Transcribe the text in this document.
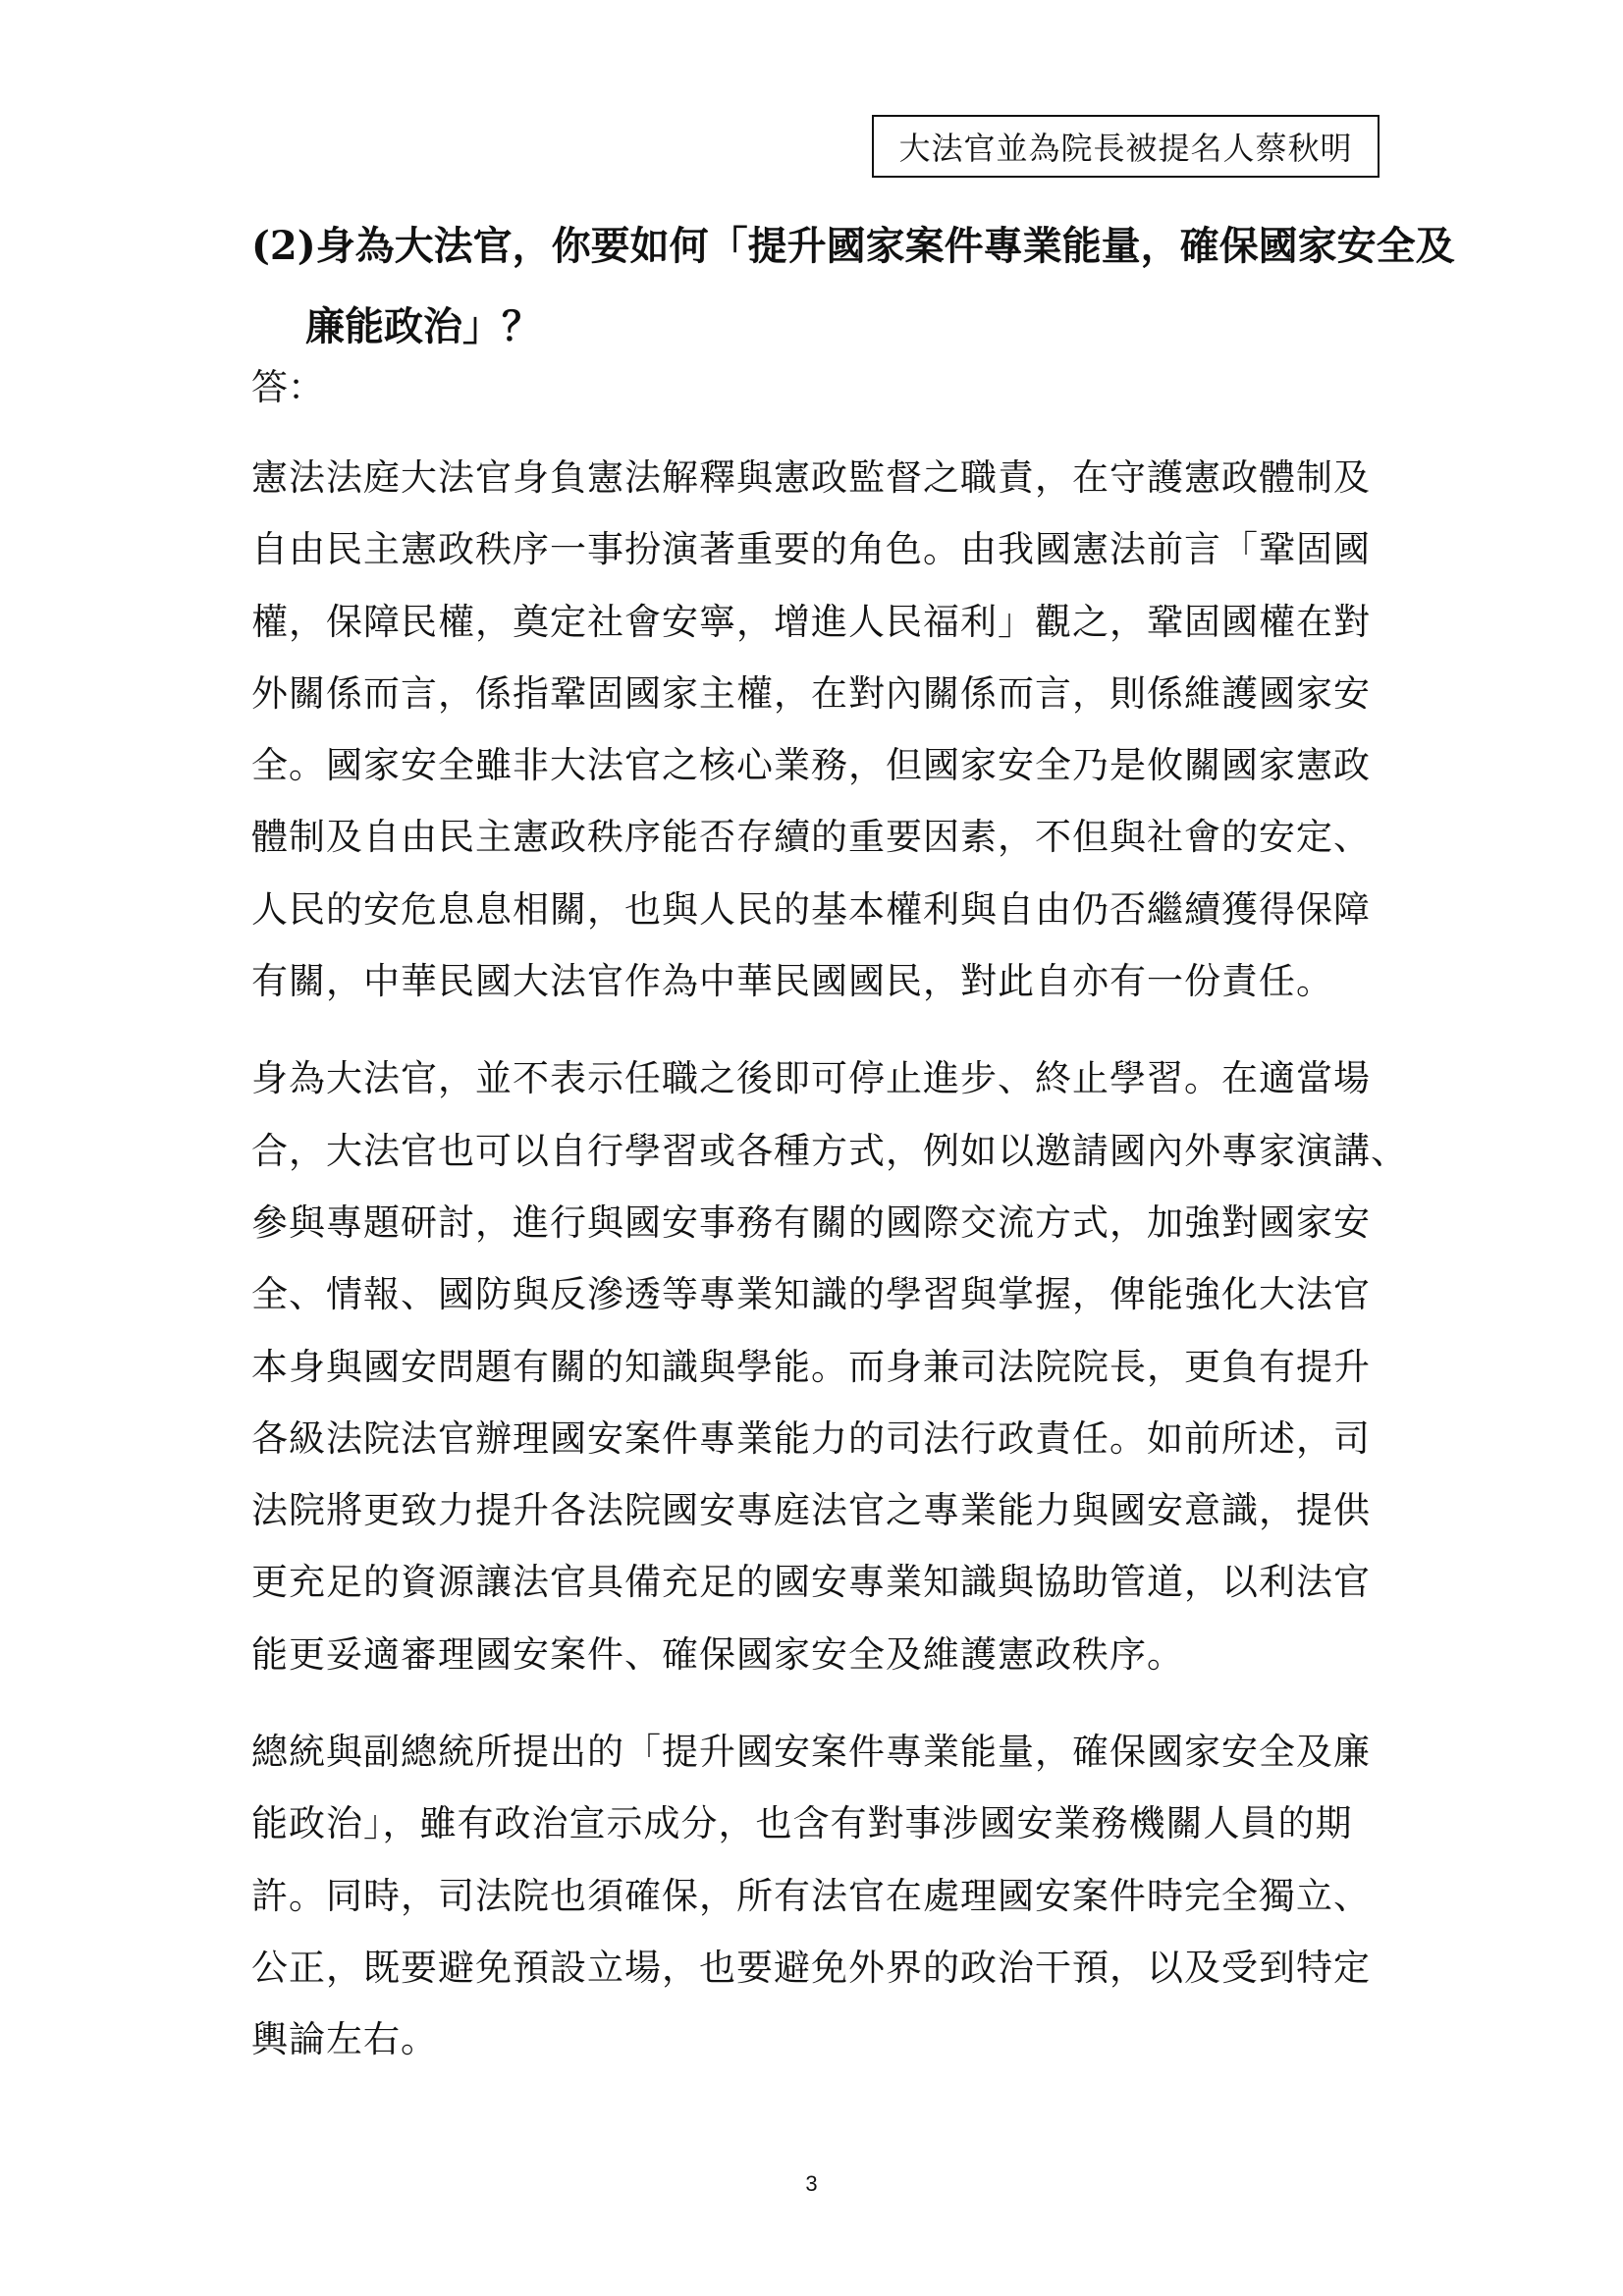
大法官並為院長被提名人蔡秋明
(2)身為大法官，你要如何「提升國家案件專業能量，確保國家安全及
廉能政治」？
答：
憲法法庭大法官身負憲法解釋與憲政監督之職責，在守護憲政體制及
自由民主憲政秩序一事扮演著重要的角色。由我國憲法前言「鞏固國
權，保障民權，奠定社會安寧，增進人民福利」觀之，鞏固國權在對
外關係而言，係指鞏固國家主權，在對內關係而言，則係維護國家安
全。國家安全雖非大法官之核心業務，但國家安全乃是攸關國家憲政
體制及自由民主憲政秩序能否存續的重要因素，不但與社會的安定、
人民的安危息息相關，也與人民的基本權利與自由仍否繼續獲得保障
有關，中華民國大法官作為中華民國國民，對此自亦有一份責任。
身為大法官，並不表示任職之後即可停止進步、終止學習。在適當場
合，大法官也可以自行學習或各種方式，例如以邀請國內外專家演講、
參與專題研討，進行與國安事務有關的國際交流方式，加強對國家安
全、情報、國防與反滲透等專業知識的學習與掌握，俾能強化大法官
本身與國安問題有關的知識與學能。而身兼司法院院長，更負有提升
各級法院法官辦理國安案件專業能力的司法行政責任。如前所述，司
法院將更致力提升各法院國安專庭法官之專業能力與國安意識，提供
更充足的資源讓法官具備充足的國安專業知識與協助管道，以利法官
能更妥適審理國安案件、確保國家安全及維護憲政秩序。
總統與副總統所提出的「提升國安案件專業能量，確保國家安全及廉
能政治」，雖有政治宣示成分，也含有對事涉國安業務機關人員的期
許。同時，司法院也須確保，所有法官在處理國安案件時完全獨立、
公正，既要避免預設立場，也要避免外界的政治干預，以及受到特定
輿論左右。
3
